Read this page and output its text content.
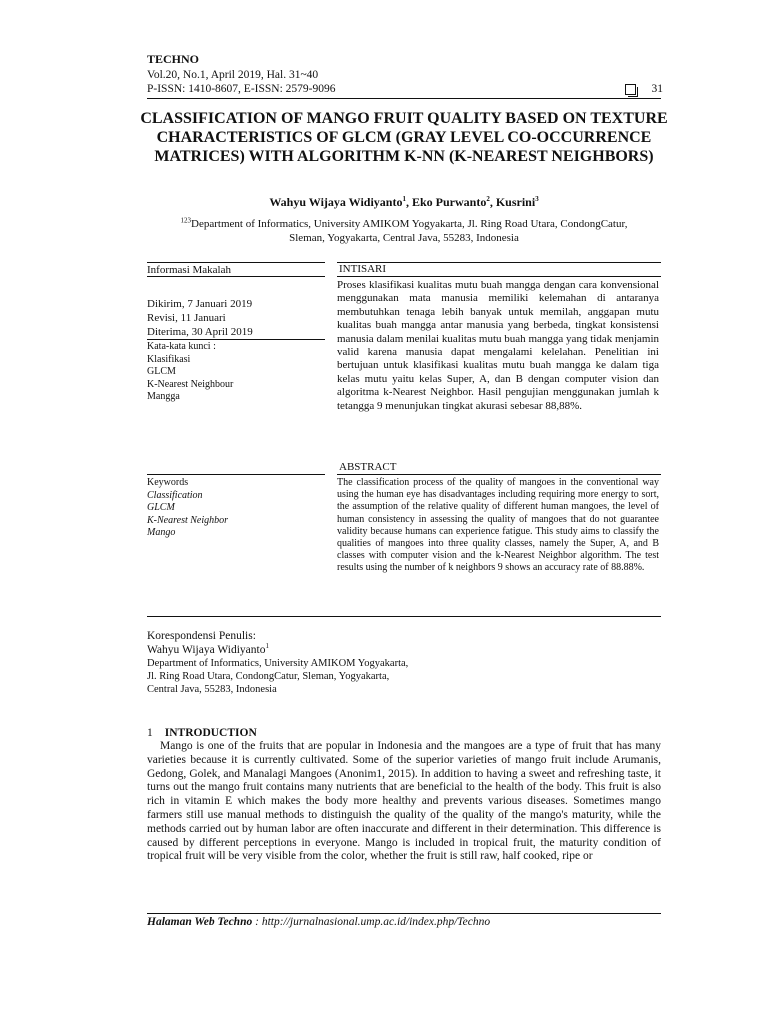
TECHNO
Vol.20, No.1, April 2019, Hal. 31~40
P-ISSN: 1410-8607, E-ISSN: 2579-9096	31
CLASSIFICATION OF MANGO FRUIT QUALITY BASED ON TEXTURE CHARACTERISTICS OF GLCM (GRAY LEVEL CO-OCCURRENCE MATRICES) WITH ALGORITHM K-NN (K-NEAREST NEIGHBORS)
Wahyu Wijaya Widiyanto$^1$, Eko Purwanto$^2$, Kusrini$^3$
$^{123}$Department of Informatics, University AMIKOM Yogyakarta, Jl. Ring Road Utara, CondongCatur,
Sleman, Yogyakarta, Central Java, 55283, Indonesia
Informasi Makalah
Dikirim, 7 Januari 2019
Revisi, 11 Januari
Diterima, 30 April 2019
Kata-kata kunci :
Klasifikasi
GLCM
K-Nearest Neighbour
Mangga
Keywords
Classification
GLCM
K-Nearest Neighbor
Mango
INTISARI
Proses klasifikasi kualitas mutu buah mangga dengan cara konvensional menggunakan mata manusia memiliki kelemahan di antaranya membutuhkan tenaga lebih banyak untuk memilah, anggapan mutu kualitas buah mangga antar manusia yang berbeda, tingkat konsistensi manusia dalam menilai kualitas mutu buah mangga yang tidak menjamin valid karena manusia dapat mengalami kelelahan. Penelitian ini bertujuan untuk klasifikasi kualitas mutu buah mangga ke dalam tiga kelas mutu yaitu kelas Super, A, dan B dengan computer vision dan algoritma k-Nearest Neighbor. Hasil pengujian menggunakan jumlah k tetangga 9 menunjukan tingkat akurasi sebesar 88,88%.
ABSTRACT
The classification process of the quality of mangoes in the conventional way using the human eye has disadvantages including requiring more energy to sort, the assumption of the relative quality of different human mangoes, the level of human consistency in assessing the quality of mangoes that do not guarantee validity because humans can experience fatigue. This study aims to classify the qualities of mangoes into three quality classes, namely the Super, A, and B classes with computer vision and the k-Nearest Neighbor algorithm. The test results using the number of k neighbors 9 shows an accuracy rate of 88.88%.
Korespondensi Penulis:
Wahyu Wijaya Widiyanto$^1$
Department of Informatics, University AMIKOM Yogyakarta,
Jl. Ring Road Utara, CondongCatur, Sleman, Yogyakarta,
Central Java, 55283, Indonesia
1 INTRODUCTION
Mango is one of the fruits that are popular in Indonesia and the mangoes are a type of fruit that has many varieties because it is currently cultivated. Some of the superior varieties of mango fruit include Arumanis, Gedong, Golek, and Manalagi Mangoes (Anonim1, 2015). In addition to having a sweet and refreshing taste, it turns out the mango fruit contains many nutrients that are beneficial to the health of the body. This fruit is also rich in vitamin E which makes the body more healthy and prevents various diseases. Sometimes mango farmers still use manual methods to distinguish the quality of the quality of the mango's maturity, while the methods carried out by human labor are often inaccurate and different in their determination. This difference is caused by different perceptions in everyone. Mango is included in tropical fruit, the maturity condition of tropical fruit will be very visible from the color, whether the fruit is still raw, half cooked, ripe or
Halaman Web Techno : http://jurnalnasional.ump.ac.id/index.php/Techno
